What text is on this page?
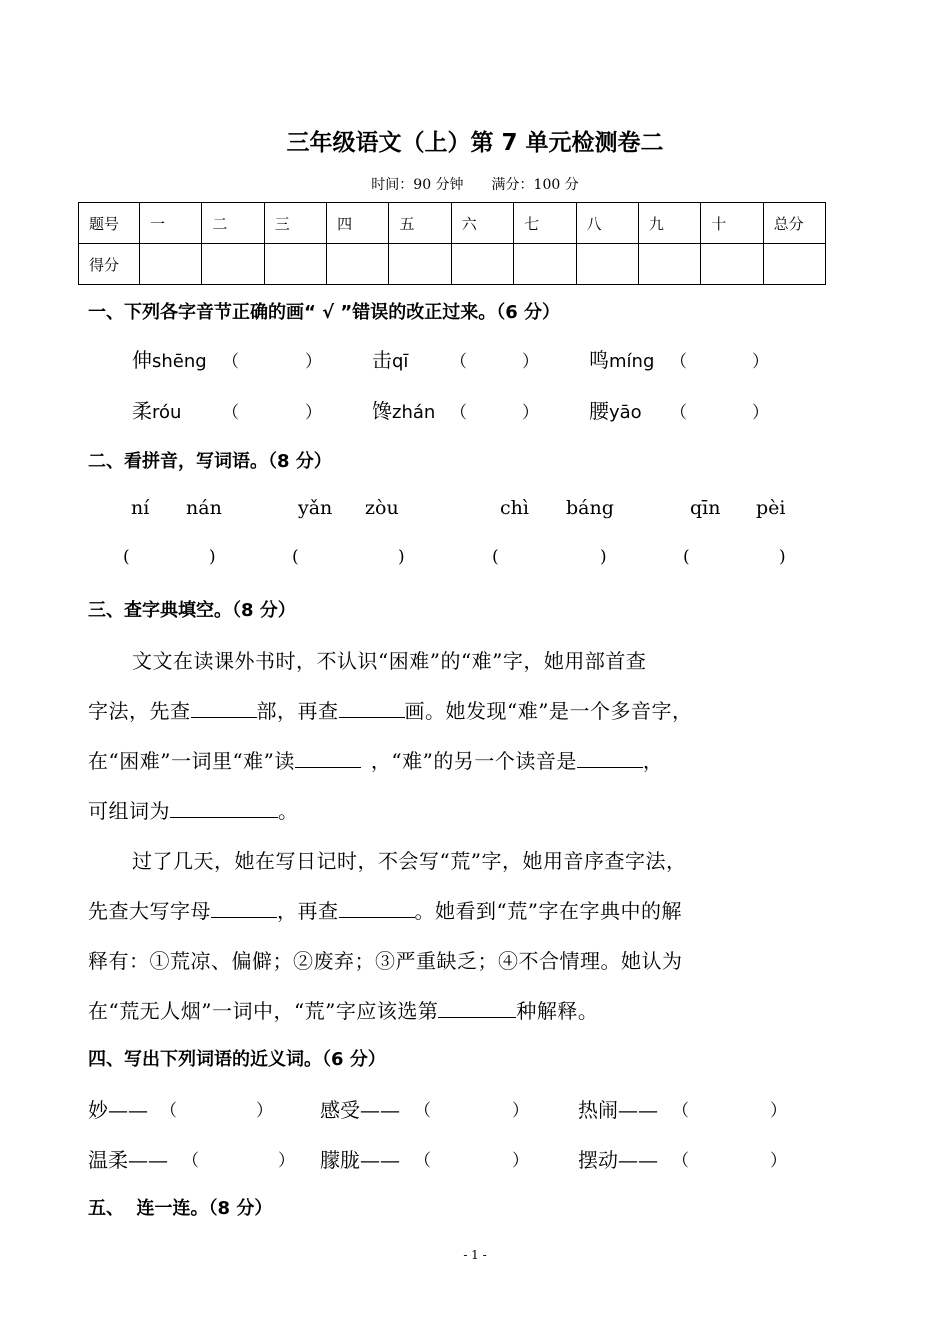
三年级语文（上）第 7 单元检测卷二
时间：90 分钟 满分：100 分
题号	一	二	三	四	五	六	七	八	九	十	总分
得分											
一、下列各字音节正确的画“ √ ”错误的改正过来。（6 分）
伸shēng （	）	击qī （	）	鸣míng （	）
柔róu （	）	馋zhán （	）	腰yāo （	）
二、看拼音，写词语。（8 分）
ní nán	yǎn zòu	chì báng	qīn pèi
(	)	(	)	(	)	(	)
三、查字典填空。（8 分）
文文在读课外书时，不认识“困难”的“难”字，她用部首查
字法，先查	部，再查	画。她发现“难”是一个多音字，
在“困难”一词里“难”读	，“难”的另一个读音是	，
可组词为	。
过了几天，她在写日记时，不会写“荒”字，她用音序查字法，
先查大写字母	，再查	。她看到“荒”字在字典中的解
释有：①荒凉、偏僻；②废弃；③严重缺乏；④不合情理。她认为
在“荒无人烟”一词中，“荒”字应该选第	种解释。
四、写出下列词语的近义词。（6 分）
妙—— （	） 感受—— （	） 热闹—— （	）
温柔—— （	） 朦胧—— （	） 摆动—— （	）
五、  连一连。（8 分）
- 1 -
